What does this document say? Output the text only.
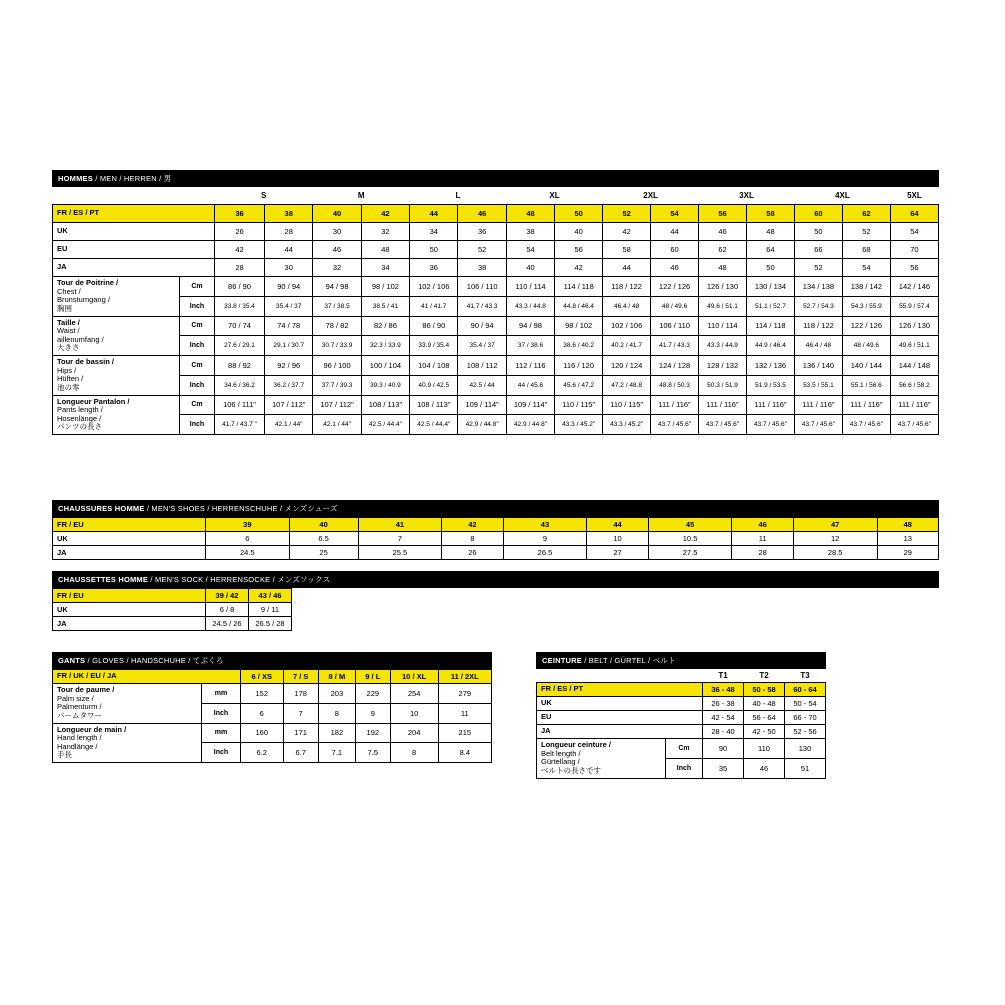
HOMMES / MEN / HERREN / 男
		S		M		L		XL		2XL		3XL		4XL		5XL
FR / ES / PT		36	38	40	42	44	46	48	50	52	54	56	58	60	62	64
UK		26	28	30	32	34	36	38	40	42	44	46	48	50	52	54
EU		42	44	46	48	50	52	54	56	58	60	62	64	66	68	70
JA		28	30	32	34	36	38	40	42	44	46	48	50	52	54	56
Tour de Poitrine /
Chest /
Brunstumgang /
胸囲	Cm	86 / 90	90 / 94	94 / 98	98 / 102	102 / 106	106 / 110	110 / 114	114 / 118	118 / 122	122 / 126	126 / 130	130 / 134	134 / 138	138 / 142	142 / 146
	Inch	33.8 / 35.4	35.4 / 37	37 / 38.5	38.5 / 41	41 / 41.7	41.7 / 43.3	43.3 / 44.8	44.8 / 46.4	46.4 / 48	48 / 49.6	49.6 / 51.1	51.1 / 52.7	52.7 / 54.3	54.3 / 55.9	55.9 / 57.4
Taille /
Waist /
aillenumfang /
大きさ	Cm	70 / 74	74 / 78	78 / 82	82 / 86	86 / 90	90 / 94	94 / 98	98 / 102	102 / 106	106 / 110	110 / 114	114 / 118	118 / 122	122 / 126	126 / 130
	Inch	27.6 / 29.1	29.1 / 30.7	30.7 / 33.9	32.3 / 33.9	33.9 / 35.4	35.4 / 37	37 / 38.6	38.6 / 40.2	40.2 / 41.7	41.7 / 43.3	43.3 / 44.9	44.9 / 46.4	46.4 / 48	48 / 49.6	49.6 / 51.1
Tour de bassin /
Hips /
Hüften /
池の零	Cm	88 / 92	92 / 96	96 / 100	100 / 104	104 / 108	108 / 112	112 / 116	116 / 120	120 / 124	124 / 128	128 / 132	132 / 136	136 / 140	140 / 144	144 / 148
	Inch	34.6 / 36.2	36.2 / 37.7	37.7 / 39.3	39.3 / 40.9	40.9 / 42.5	42.5 / 44	44 / 45.6	45.6 / 47.2	47.2 / 48.8	48.8 / 50.3	50.3 / 51.9	51.9 / 53.5	53.5 / 55.1	55.1 / 56.6	56.6 / 58.2
Longueur Pantalon /
Pants length /
Hosenlänge /
パンツの長さ	Cm	106 / 111"	107 / 112"	107 / 112"	108 / 113"	108 / 113"	109 / 114"	109 / 114"	110 / 115"	110 / 115"	111 / 116"	111 / 116"	111 / 116"	111 / 116"	111 / 116"	111 / 116"
	Inch	41.7 / 43.7 "	42.1 / 44"	42.1 / 44"	42.5 / 44.4"	42.5 / 44.4"	42.9 / 44.8"	42.9 / 44.8"	43.3 / 45.2"	43.3 / 45.2"	43.7 / 45.6"	43.7 / 45.6"	43.7 / 45.6"	43.7 / 45.6"	43.7 / 45.6"	43.7 / 45.6"
CHAUSSURES HOMME / MEN'S SHOES / HERRENSCHUHE / メンズシューズ
FR / EU	39	40	41	42	43	44	45	46	47	48
UK	6	6.5	7	8	9	10	10.5	11	12	13
JA	24.5	25	25.5	26	26.5	27	27.5	28	28.5	29
CHAUSSETTES HOMME / MEN'S SOCK / HERRENSOCKE / メンズソックス
FR / EU	39 / 42	43 / 46
UK	6 / 8	9 / 11
JA	24.5 / 26	26.5 / 28
GANTS / GLOVES / HANDSCHUHE / てぶくろ
FR / UK / EU / JA		6 / XS	7 / S	8 / M	9 / L	10 / XL	11 / 2XL
Tour de paume /
Palm size /
Palmenturm /
パームタワー	mm	152	178	203	229	254	279
	Inch	6	7	8	9	10	11
Longueur de main /
Hand length /
Handlänge /
手長	mm	160	171	182	192	204	215
	Inch	6.2	6.7	7.1	7.5	8	8.4
CEINTURE / BELT / GÜRTEL / ベルト
		T1	T2	T3
FR / ES / PT		36 - 48	50 - 58	60 - 64
UK		26 - 38	40 - 48	50 - 54
EU		42 - 54	56 - 64	66 - 70
JA		28 - 40	42 - 50	52 - 56
Longueur ceinture /
Belt length /
Gürtellang /
ベルトの長さです	Cm	90	110	130
	Inch	35	46	51
